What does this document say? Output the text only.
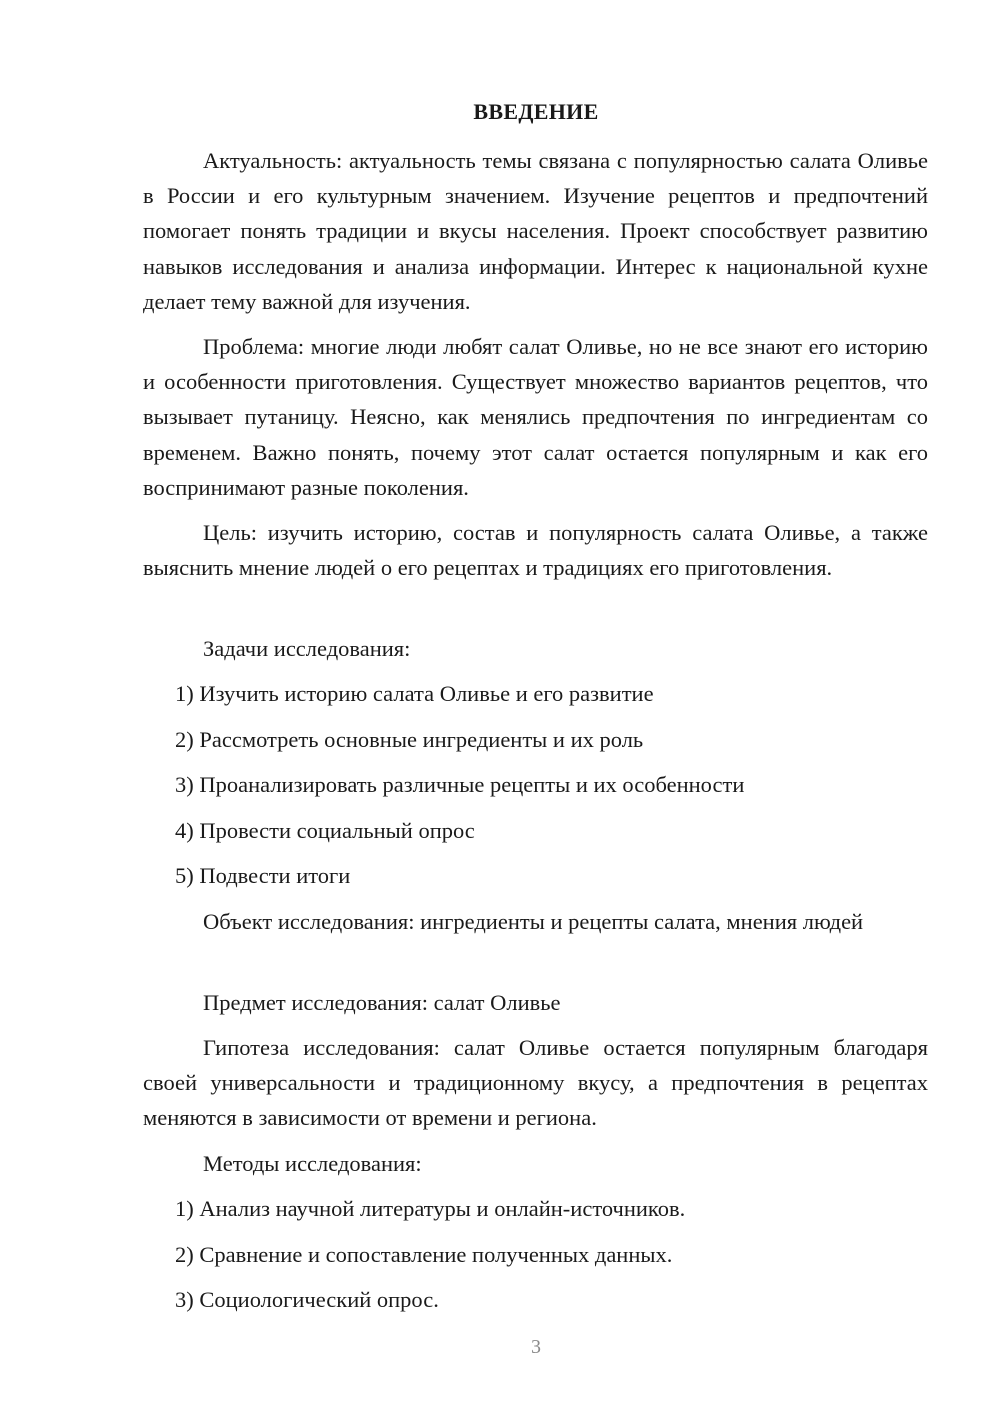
ВВЕДЕНИЕ

Актуальность: актуальность темы связана с популярностью салата Оливье в России и его культурным значением. Изучение рецептов и предпочтений помогает понять традиции и вкусы населения. Проект способствует развитию навыков исследования и анализа информации. Интерес к национальной кухне делает тему важной для изучения.

Проблема: многие люди любят салат Оливье, но не все знают его историю и особенности приготовления. Существует множество вариантов рецептов, что вызывает путаницу. Неясно, как менялись предпочтения по ингредиентам со временем. Важно понять, почему этот салат остается популярным и как его воспринимают разные поколения.

Цель: изучить историю, состав и популярность салата Оливье, а также выяснить мнение людей о его рецептах и традициях его приготовления.

Задачи исследования:

1) Изучить историю салата Оливье и его развитие

2) Рассмотреть основные ингредиенты и их роль

3) Проанализировать различные рецепты и их особенности

4) Провести социальный опрос

5) Подвести итоги

Объект исследования: ингредиенты и рецепты салата, мнения людей

Предмет исследования: салат Оливье

Гипотеза исследования: салат Оливье остается популярным благодаря своей универсальности и традиционному вкусу, а предпочтения в рецептах меняются в зависимости от времени и региона.

Методы исследования:

1) Анализ научной литературы и онлайн-источников.

2) Сравнение и сопоставление полученных данных.

3) Социологический опрос.

3
